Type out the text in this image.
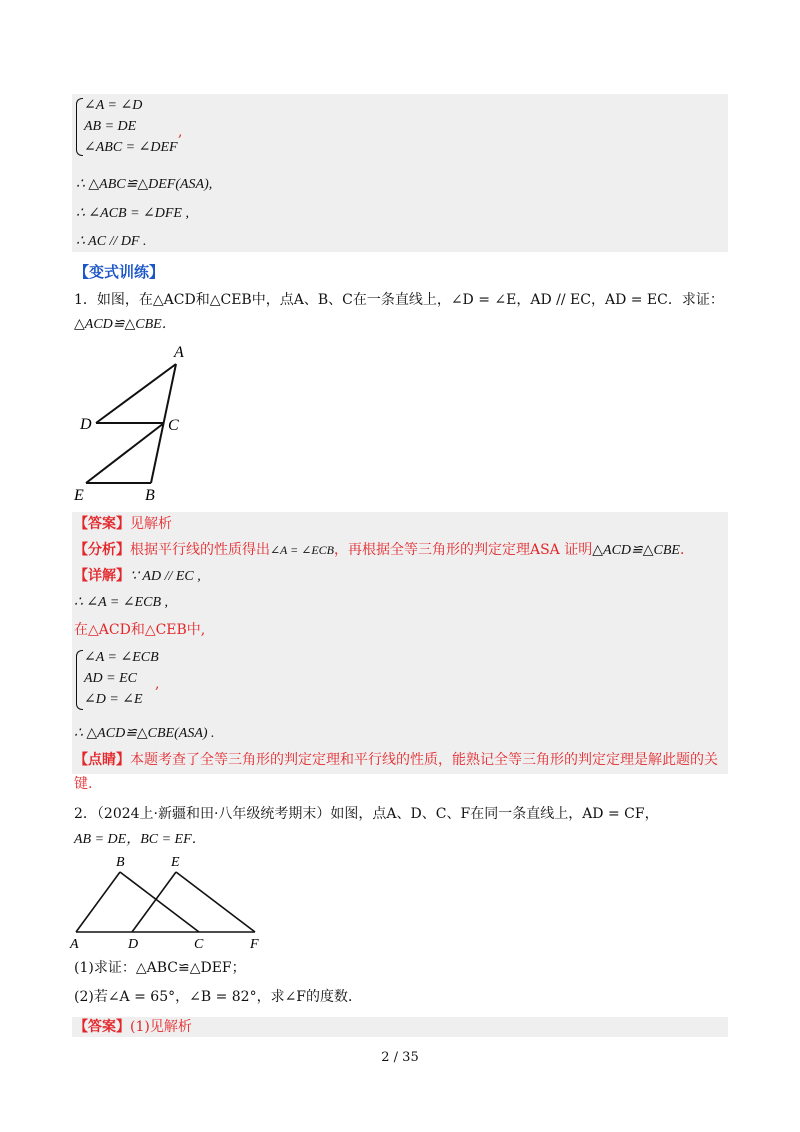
∠A = ∠D
AB = DE
∠ABC = ∠DEF
,
∴ △ABC≌△DEF(ASA),
∴ ∠ACB = ∠DFE ,
∴ AC // DF .
【变式训练】
1．如图，在△ACD和△CEB中，点A、B、C在一条直线上，∠D = ∠E，AD // EC，AD = EC．求证：
△ACD≌△CBE．
A
D	C
E	B
【答案】见解析
【分析】根据平行线的性质得出∠A = ∠ECB，再根据全等三角形的判定定理ASA 证明△ACD≌△CBE．
【详解】∵ AD // EC ,
∴ ∠A = ∠ECB ,
在△ACD和△CEB中,
∠A = ∠ECB
AD = EC
∠D = ∠E
,
∴ △ACD≌△CBE(ASA) .
【点睛】本题考查了全等三角形的判定定理和平行线的性质，能熟记全等三角形的判定定理是解此题的关
键.
2．（2024上·新疆和田·八年级统考期末）如图，点A、D、C、F在同一条直线上，AD = CF，
AB = DE，BC = EF．
B	E
A	D	C	F
(1)求证：△ABC≌△DEF；
(2)若∠A = 65°，∠B = 82°，求∠F的度数．
【答案】(1)见解析
2 / 35
